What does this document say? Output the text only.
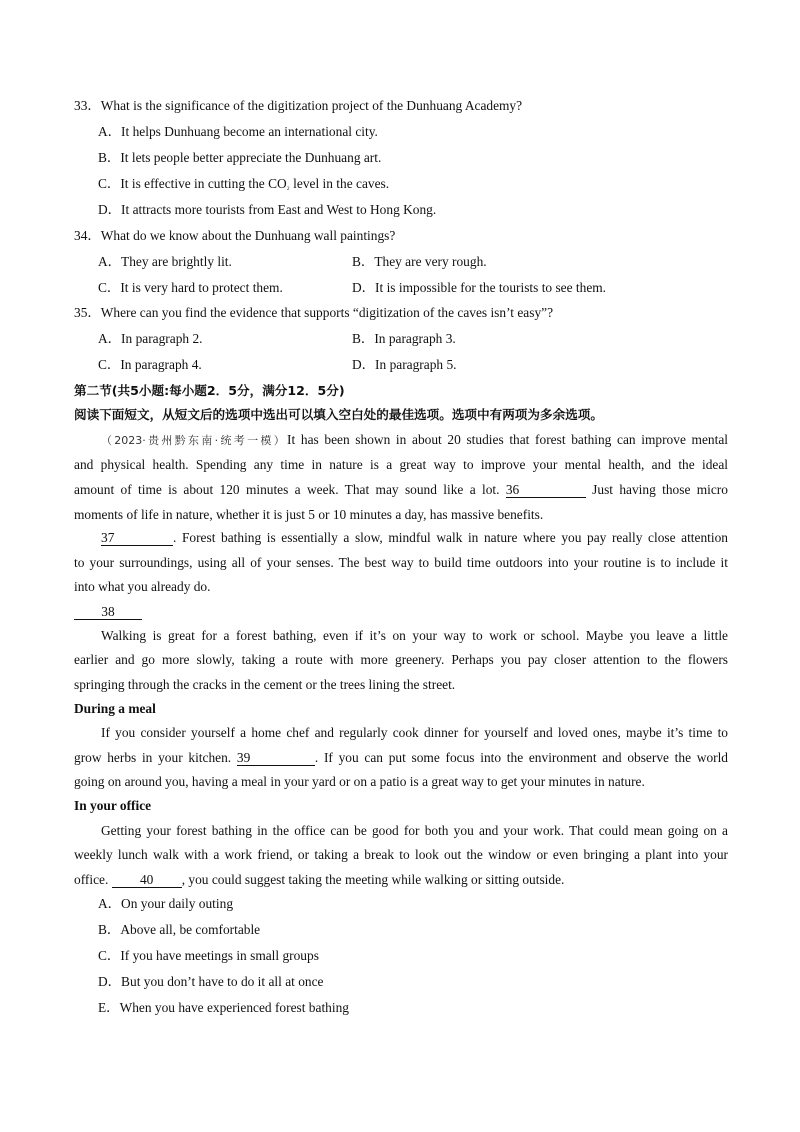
33．What is the significance of the digitization project of the Dunhuang Academy?
A．It helps Dunhuang become an international city.
B．It lets people better appreciate the Dunhuang art.
C．It is effective in cutting the CO₂ level in the caves.
D．It attracts more tourists from East and West to Hong Kong.
34．What do we know about the Dunhuang wall paintings?
A．They are brightly lit.	B．They are very rough.
C．It is very hard to protect them.	D．It is impossible for the tourists to see them.
35．Where can you find the evidence that supports “digitization of the caves isn’t easy”?
A．In paragraph 2.	B．In paragraph 3.
C．In paragraph 4.	D．In paragraph 5.
第二节(共5小题:每小题2．5分，满分12．5分)
阅读下面短文，从短文后的选项中选出可以填入空白处的最佳选项。选项中有两项为多余选项。
（2023·贵州黔东南·统考一模）It has been shown in about 20 studies that forest bathing can improve mental
and physical health. Spending any time in nature is a great way to improve your mental health, and the ideal
amount of time is about 120 minutes a week. That may sound like a lot. 36	Just having those micro
moments of life in nature, whether it is just 5 or 10 minutes a day, has massive benefits.
37	. Forest bathing is essentially a slow, mindful walk in nature where you pay really close attention
to your surroundings, using all of your senses. The best way to build time outdoors into your routine is to include it
into what you already do.
38
Walking is great for a forest bathing, even if it’s on your way to work or school. Maybe you leave a little
earlier and go more slowly, taking a route with more greenery. Perhaps you pay closer attention to the flowers
springing through the cracks in the cement or the trees lining the street.
During a meal
If you consider yourself a home chef and regularly cook dinner for yourself and loved ones, maybe it’s time to
grow herbs in your kitchen. 39	. If you can put some focus into the environment and observe the world
going on around you, having a meal in your yard or on a patio is a great way to get your minutes in nature.
In your office
Getting your forest bathing in the office can be good for both you and your work. That could mean going on a
weekly lunch walk with a work friend, or taking a break to look out the window or even bringing a plant into your
office. 40 , you could suggest taking the meeting while walking or sitting outside.
A．On your daily outing
B．Above all, be comfortable
C．If you have meetings in small groups
D．But you don’t have to do it all at once
E．When you have experienced forest bathing
